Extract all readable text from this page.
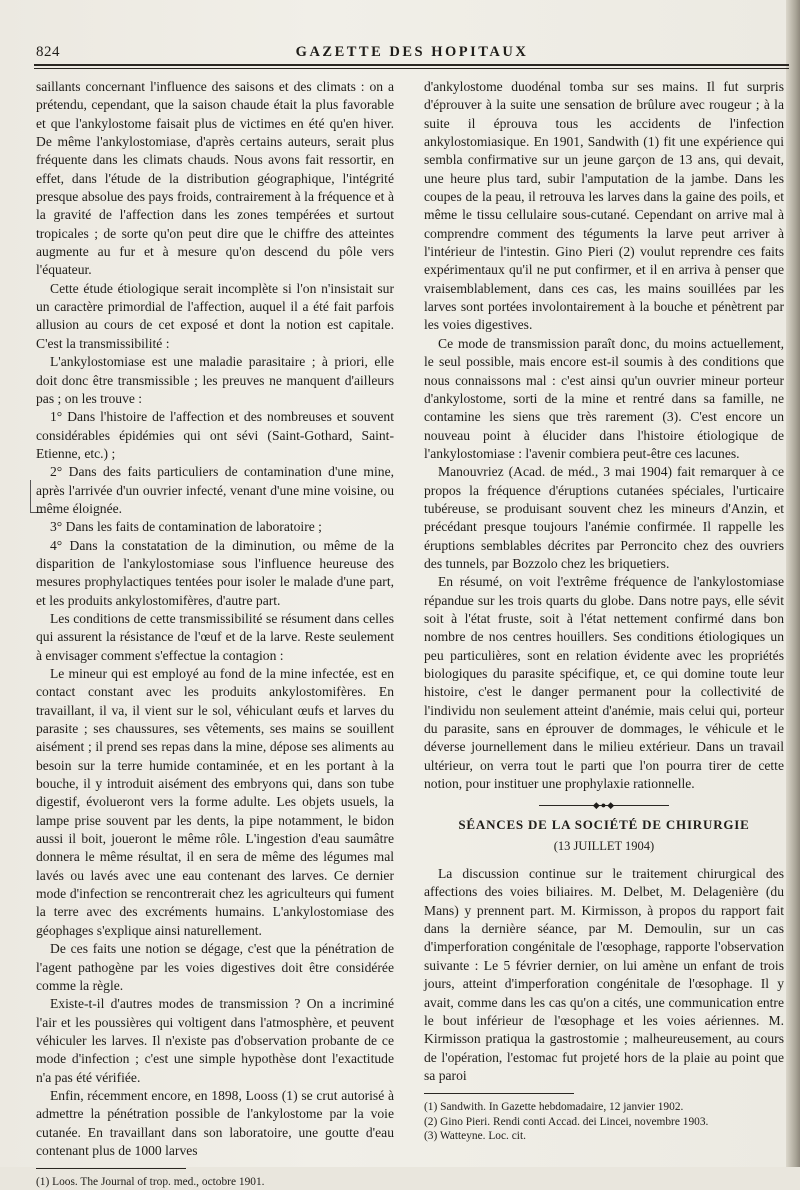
824	GAZETTE DES HOPITAUX

saillants concernant l'influence des saisons et des climats : on a prétendu, cependant, que la saison chaude était la plus favorable et que l'ankylostome faisait plus de victimes en été qu'en hiver. De même l'ankylostomiase, d'après certains auteurs, serait plus fréquente dans les climats chauds. Nous avons fait ressortir, en effet, dans l'étude de la distribution géographique, l'intégrité presque absolue des pays froids, contrairement à la fréquence et à la gravité de l'affection dans les zones tempérées et surtout tropicales ; de sorte qu'on peut dire que le chiffre des atteintes augmente au fur et à mesure qu'on descend du pôle vers l'équateur.

Cette étude étiologique serait incomplète si l'on n'insistait sur un caractère primordial de l'affection, auquel il a été fait parfois allusion au cours de cet exposé et dont la notion est capitale. C'est la transmissibilité :

L'ankylostomiase est une maladie parasitaire ; à priori, elle doit donc être transmissible ; les preuves ne manquent d'ailleurs pas ; on les trouve :

1° Dans l'histoire de l'affection et des nombreuses et souvent considérables épidémies qui ont sévi (Saint-Gothard, Saint-Etienne, etc.) ;

2° Dans des faits particuliers de contamination d'une mine, après l'arrivée d'un ouvrier infecté, venant d'une mine voisine, ou même éloignée.

3° Dans les faits de contamination de laboratoire ;

4° Dans la constatation de la diminution, ou même de la disparition de l'ankylostomiase sous l'influence heureuse des mesures prophylactiques tentées pour isoler le malade d'une part, et les produits ankylostomifères, d'autre part.

Les conditions de cette transmissibilité se résument dans celles qui assurent la résistance de l'œuf et de la larve. Reste seulement à envisager comment s'effectue la contagion :

Le mineur qui est employé au fond de la mine infectée, est en contact constant avec les produits ankylostomifères. En travaillant, il va, il vient sur le sol, véhiculant œufs et larves du parasite ; ses chaussures, ses vêtements, ses mains se souillent aisément ; il prend ses repas dans la mine, dépose ses aliments au besoin sur la terre humide contaminée, et en les portant à la bouche, il y introduit aisément des embryons qui, dans son tube digestif, évolueront vers la forme adulte. Les objets usuels, la lampe prise souvent par les dents, la pipe notamment, le bidon aussi il boit, joueront le même rôle. L'ingestion d'eau saumâtre donnera le même résultat, il en sera de même des légumes mal lavés ou lavés avec une eau contenant des larves. Ce dernier mode d'infection se rencontrerait chez les agriculteurs qui fument la terre avec des excréments humains. L'ankylostomiase des géophages s'explique ainsi naturellement.

De ces faits une notion se dégage, c'est que la pénétration de l'agent pathogène par les voies digestives doit être considérée comme la règle.

Existe-t-il d'autres modes de transmission ? On a incriminé l'air et les poussières qui voltigent dans l'atmosphère, et peuvent véhiculer les larves. Il n'existe pas d'observation probante de ce mode d'infection ; c'est une simple hypothèse dont l'exactitude n'a pas été vérifiée.

Enfin, récemment encore, en 1898, Looss (1) se crut autorisé à admettre la pénétration possible de l'ankylostome par la voie cutanée. En travaillant dans son laboratoire, une goutte d'eau contenant plus de 1000 larves

(1) Loos. The Journal of trop. med., octobre 1901.

d'ankylostome duodénal tomba sur ses mains. Il fut surpris d'éprouver à la suite une sensation de brûlure avec rougeur ; à la suite il éprouva tous les accidents de l'infection ankylostomiasique. En 1901, Sandwith (1) fit une expérience qui sembla confirmative sur un jeune garçon de 13 ans, qui devait, une heure plus tard, subir l'amputation de la jambe. Dans les coupes de la peau, il retrouva les larves dans la gaine des poils, et même le tissu cellulaire sous-cutané. Cependant on arrive mal à comprendre comment des téguments la larve peut arriver à l'intérieur de l'intestin. Gino Pieri (2) voulut reprendre ces faits expérimentaux qu'il ne put confirmer, et il en arriva à penser que vraisemblablement, dans ces cas, les mains souillées par les larves sont portées involontairement à la bouche et pénètrent par les voies digestives.

Ce mode de transmission paraît donc, du moins actuellement, le seul possible, mais encore est-il soumis à des conditions que nous connaissons mal : c'est ainsi qu'un ouvrier mineur porteur d'ankylostome, sorti de la mine et rentré dans sa famille, ne contamine les siens que très rarement (3). C'est encore un nouveau point à élucider dans l'histoire étiologique de l'ankylostomiase : l'avenir combiera peut-être ces lacunes.

Manouvriez (Acad. de méd., 3 mai 1904) fait remarquer à ce propos la fréquence d'éruptions cutanées spéciales, l'urticaire tubéreuse, se produisant souvent chez les mineurs d'Anzin, et précédant presque toujours l'anémie confirmée. Il rappelle les éruptions semblables décrites par Perroncito chez des ouvriers des tunnels, par Bozzolo chez les briquetiers.

En résumé, on voit l'extrême fréquence de l'ankylostomiase répandue sur les trois quarts du globe. Dans notre pays, elle sévit soit à l'état fruste, soit à l'état nettement confirmé dans bon nombre de nos centres houillers. Ses conditions étiologiques un peu particulières, sont en relation évidente avec les propriétés biologiques du parasite spécifique, et, ce qui domine toute leur histoire, c'est le danger permanent pour la collectivité de l'individu non seulement atteint d'anémie, mais celui qui, porteur du parasite, sans en éprouver de dommages, le véhicule et le déverse journellement dans le milieu extérieur. Dans un travail ultérieur, on verra tout le parti que l'on pourra tirer de cette notion, pour instituer une prophylaxie rationnelle.

◆●◆
SÉANCES DE LA SOCIÉTÉ DE CHIRURGIE
(13 JUILLET 1904)

La discussion continue sur le traitement chirurgical des affections des voies biliaires. M. Delbet, M. Delagenière (du Mans) y prennent part. M. Kirmisson, à propos du rapport fait dans la dernière séance, par M. Demoulin, sur un cas d'imperforation congénitale de l'œsophage, rapporte l'observation suivante : Le 5 février dernier, on lui amène un enfant de trois jours, atteint d'imperforation congénitale de l'œsophage. Il y avait, comme dans les cas qu'on a cités, une communication entre le bout inférieur de l'œsophage et les voies aériennes. M. Kirmisson pratiqua la gastrostomie ; malheureusement, au cours de l'opération, l'estomac fut projeté hors de la plaie au point que sa paroi

(1) Sandwith. In Gazette hebdomadaire, 12 janvier 1902.
(2) Gino Pieri. Rendi conti Accad. dei Lincei, novembre 1903.
(3) Watteyne. Loc. cit.
